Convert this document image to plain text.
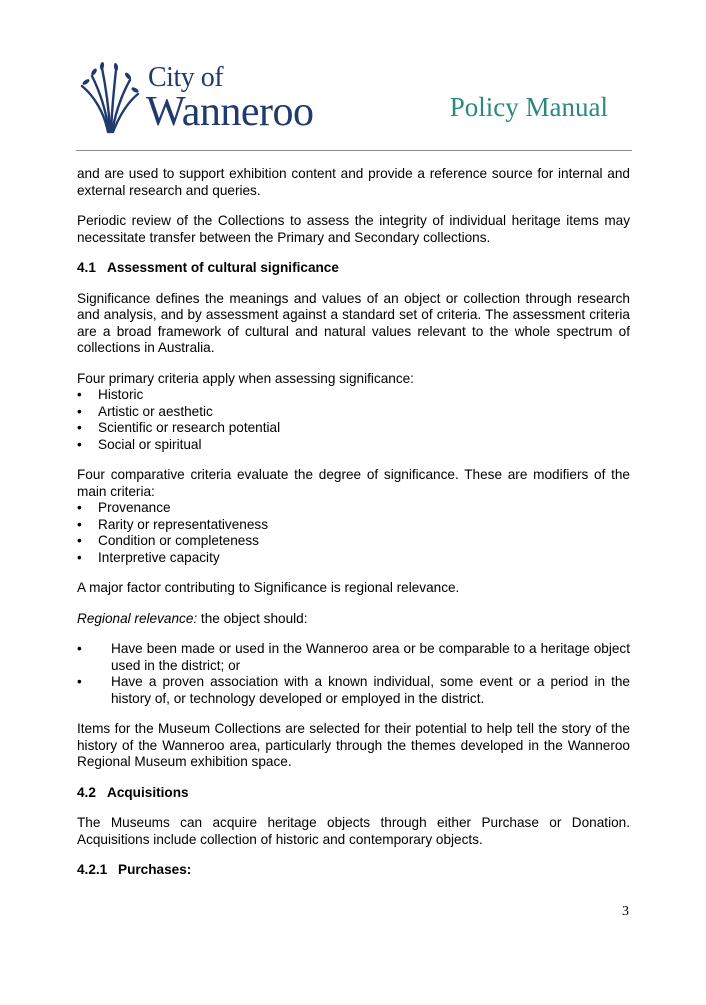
City of
Wanneroo	Policy Manual

and are used to support exhibition content and provide a reference source for internal and external research and queries.

Periodic review of the Collections to assess the integrity of individual heritage items may necessitate transfer between the Primary and Secondary collections.

4.1 Assessment of cultural significance

Significance defines the meanings and values of an object or collection through research and analysis, and by assessment against a standard set of criteria. The assessment criteria are a broad framework of cultural and natural values relevant to the whole spectrum of collections in Australia.

Four primary criteria apply when assessing significance:

• Historic
• Artistic or aesthetic
• Scientific or research potential
• Social or spiritual

Four comparative criteria evaluate the degree of significance. These are modifiers of the main criteria:

• Provenance
• Rarity or representativeness
• Condition or completeness
• Interpretive capacity

A major factor contributing to Significance is regional relevance.

Regional relevance: the object should:

• Have been made or used in the Wanneroo area or be comparable to a heritage object used in the district; or
• Have a proven association with a known individual, some event or a period in the history of, or technology developed or employed in the district.

Items for the Museum Collections are selected for their potential to help tell the story of the history of the Wanneroo area, particularly through the themes developed in the Wanneroo Regional Museum exhibition space.

4.2 Acquisitions

The Museums can acquire heritage objects through either Purchase or Donation. Acquisitions include collection of historic and contemporary objects.

4.2.1 Purchases:
3
